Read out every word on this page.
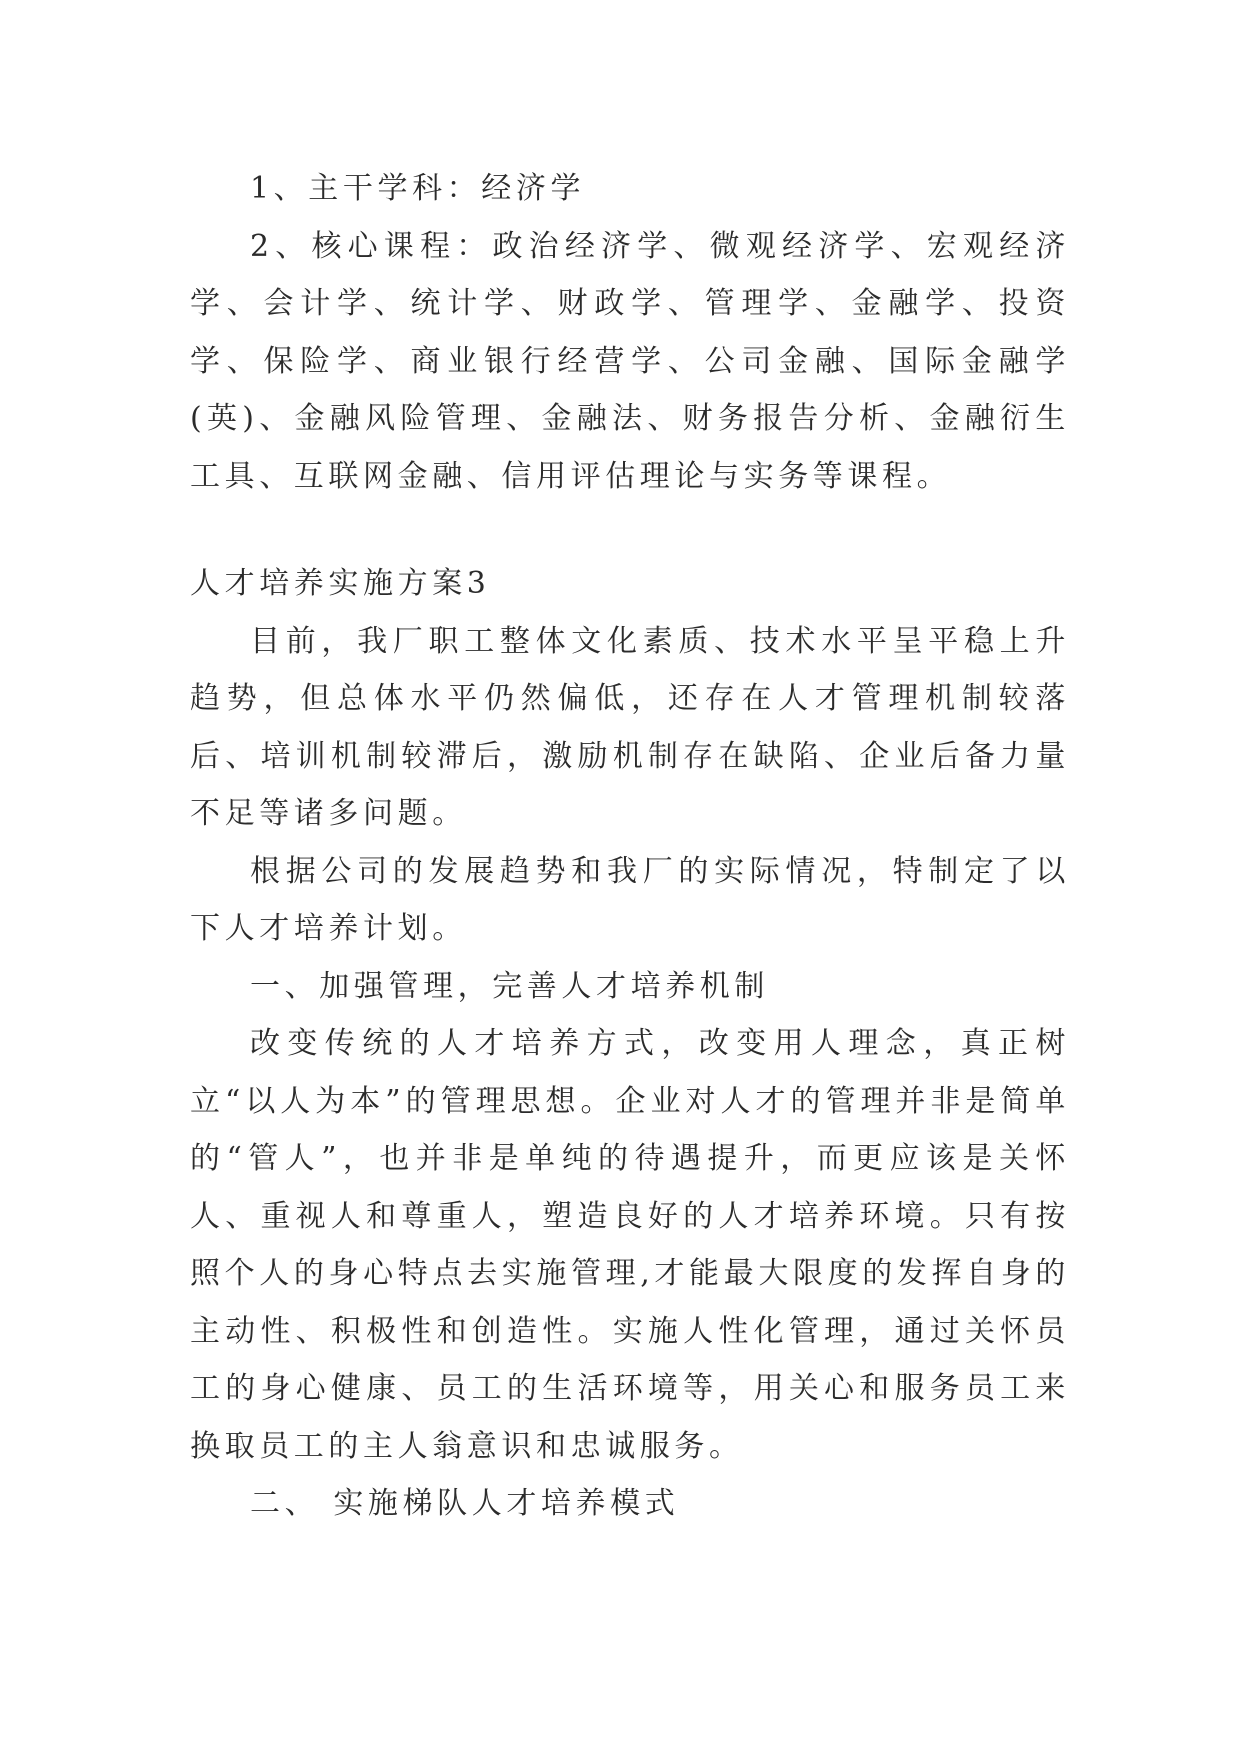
1、主干学科：经济学

2、核心课程：政治经济学、微观经济学、宏观经济学、会计学、统计学、财政学、管理学、金融学、投资学、保险学、商业银行经营学、公司金融、国际金融学(英)、金融风险管理、金融法、财务报告分析、金融衍生工具、互联网金融、信用评估理论与实务等课程。

人才培养实施方案3

目前，我厂职工整体文化素质、技术水平呈平稳上升趋势，但总体水平仍然偏低，还存在人才管理机制较落后、培训机制较滞后，激励机制存在缺陷、企业后备力量不足等诸多问题。

根据公司的发展趋势和我厂的实际情况，特制定了以下人才培养计划。

一、加强管理，完善人才培养机制

改变传统的人才培养方式，改变用人理念，真正树立“以人为本”的管理思想。企业对人才的管理并非是简单的“管人”，也并非是单纯的待遇提升，而更应该是关怀人、重视人和尊重人，塑造良好的人才培养环境。只有按照个人的身心特点去实施管理,才能最大限度的发挥自身的主动性、积极性和创造性。实施人性化管理，通过关怀员工的身心健康、员工的生活环境等，用关心和服务员工来换取员工的主人翁意识和忠诚服务。

二、 实施梯队人才培养模式
